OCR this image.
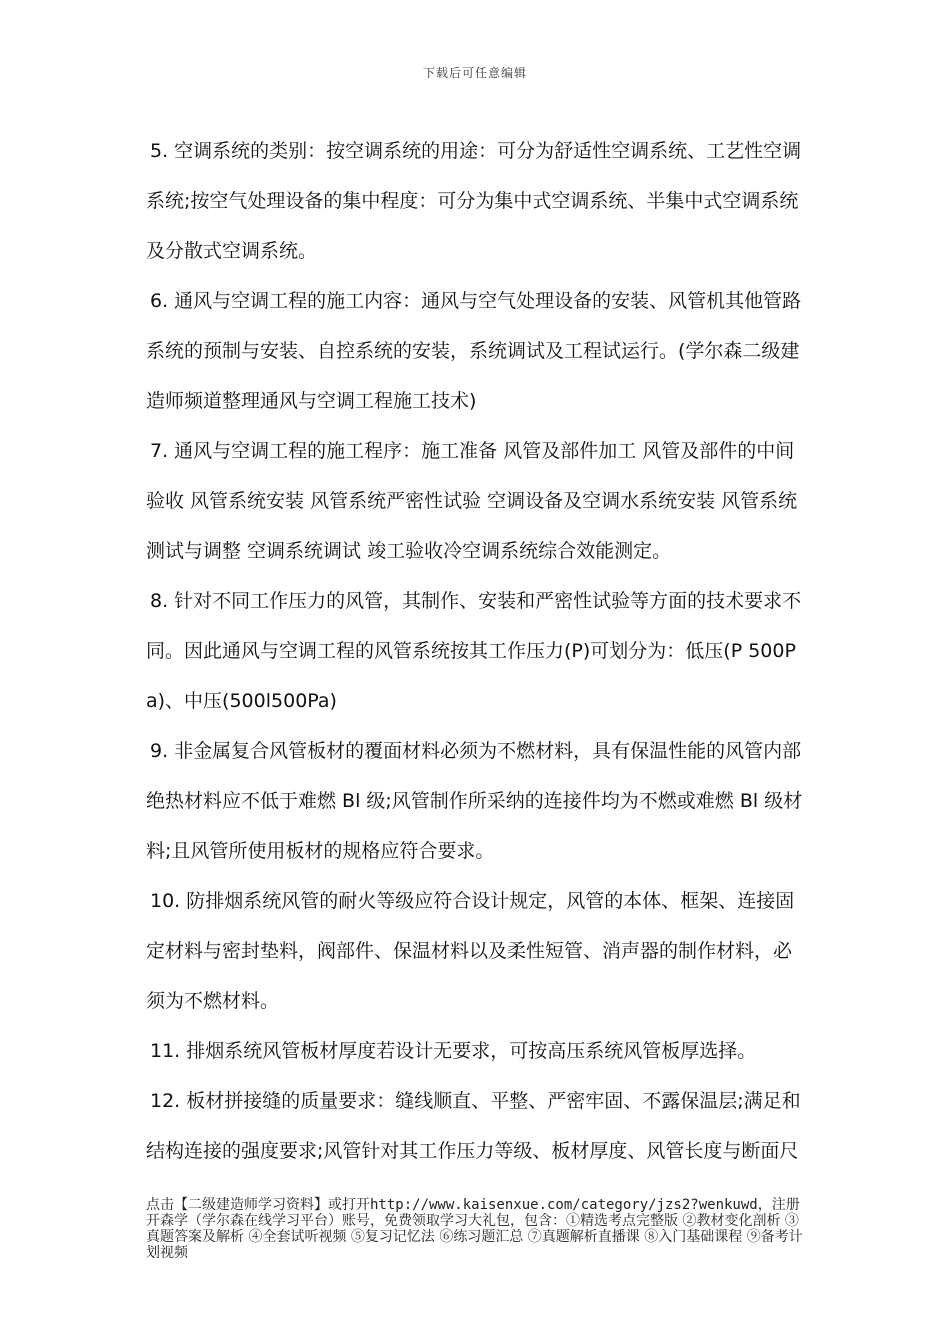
下载后可任意编辑

5. 空调系统的类别：按空调系统的用途：可分为舒适性空调系统、工艺性空调系统;按空气处理设备的集中程度：可分为集中式空调系统、半集中式空调系统及分散式空调系统。

6. 通风与空调工程的施工内容：通风与空气处理设备的安装、风管机其他管路系统的预制与安装、自控系统的安装，系统调试及工程试运行。(学尔森二级建造师频道整理通风与空调工程施工技术)

7. 通风与空调工程的施工程序：施工准备 风管及部件加工 风管及部件的中间验收 风管系统安装 风管系统严密性试验 空调设备及空调水系统安装 风管系统测试与调整 空调系统调试 竣工验收冷空调系统综合效能测定。

8. 针对不同工作压力的风管，其制作、安装和严密性试验等方面的技术要求不同。因此通风与空调工程的风管系统按其工作压力(P)可划分为：低压(P 500Pa)、中压(500l500Pa)

9. 非金属复合风管板材的覆面材料必须为不燃材料，具有保温性能的风管内部绝热材料应不低于难燃 Bl 级;风管制作所采纳的连接件均为不燃或难燃 Bl 级材料;且风管所使用板材的规格应符合要求。

10. 防排烟系统风管的耐火等级应符合设计规定，风管的本体、框架、连接固定材料与密封垫料，阀部件、保温材料以及柔性短管、消声器的制作材料，必须为不燃材料。

11. 排烟系统风管板材厚度若设计无要求，可按高压系统风管板厚选择。

12. 板材拼接缝的质量要求：缝线顺直、平整、严密牢固、不露保温层;满足和结构连接的强度要求;风管针对其工作压力等级、板材厚度、风管长度与断面尺

点击【二级建造师学习资料】或打开http://www.kaisenxue.com/category/jzs2?wenkuwd，注册开森学（学尔森在线学习平台）账号，免费领取学习大礼包，包含：①精选考点完整版 ②教材变化剖析 ③真题答案及解析 ④全套试听视频 ⑤复习记忆法 ⑥练习题汇总 ⑦真题解析直播课 ⑧入门基础课程 ⑨备考计划视频
